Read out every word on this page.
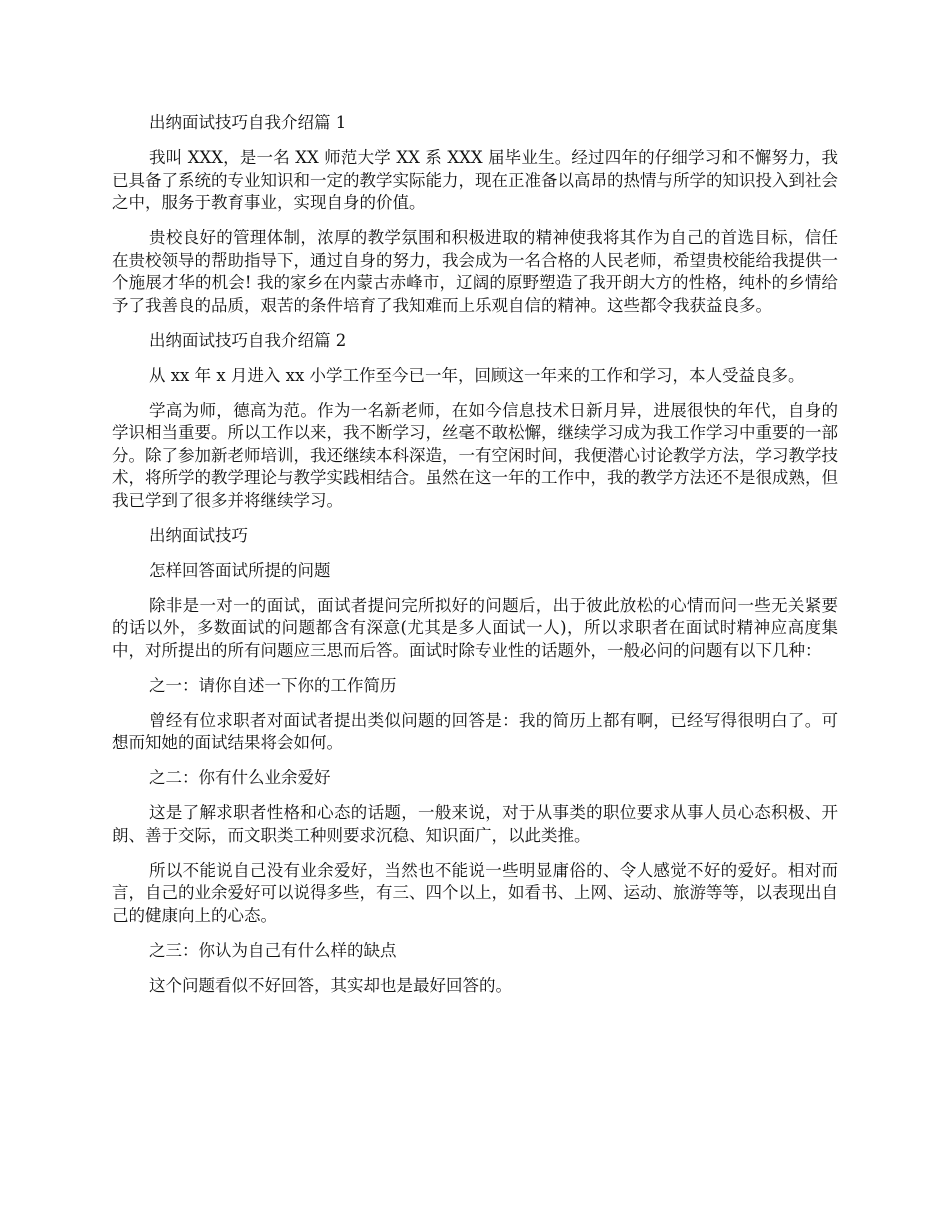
出纳面试技巧自我介绍篇 1

我叫 XXX，是一名 XX 师范大学 XX 系 XXX 届毕业生。经过四年的仔细学习和不懈努力，我已具备了系统的专业知识和一定的教学实际能力，现在正准备以高昂的热情与所学的知识投入到社会之中，服务于教育事业，实现自身的价值。

贵校良好的管理体制，浓厚的教学氛围和积极进取的精神使我将其作为自己的首选目标，信任在贵校领导的帮助指导下，通过自身的努力，我会成为一名合格的人民老师，希望贵校能给我提供一个施展才华的机会! 我的家乡在内蒙古赤峰市，辽阔的原野塑造了我开朗大方的性格，纯朴的乡情给予了我善良的品质，艰苦的条件培育了我知难而上乐观自信的精神。这些都令我获益良多。

出纳面试技巧自我介绍篇 2

从 xx 年 x 月进入 xx 小学工作至今已一年，回顾这一年来的工作和学习，本人受益良多。

学高为师，德高为范。作为一名新老师，在如今信息技术日新月异，进展很快的年代，自身的学识相当重要。所以工作以来，我不断学习，丝毫不敢松懈，继续学习成为我工作学习中重要的一部分。除了参加新老师培训，我还继续本科深造，一有空闲时间，我便潜心讨论教学方法，学习教学技术，将所学的教学理论与教学实践相结合。虽然在这一年的工作中，我的教学方法还不是很成熟，但我已学到了很多并将继续学习。

出纳面试技巧

怎样回答面试所提的问题

除非是一对一的面试，面试者提问完所拟好的问题后，出于彼此放松的心情而问一些无关紧要的话以外，多数面试的问题都含有深意(尤其是多人面试一人)，所以求职者在面试时精神应高度集中，对所提出的所有问题应三思而后答。面试时除专业性的话题外，一般必问的问题有以下几种：

之一：请你自述一下你的工作简历

曾经有位求职者对面试者提出类似问题的回答是：我的简历上都有啊，已经写得很明白了。可想而知她的面试结果将会如何。

之二：你有什么业余爱好

这是了解求职者性格和心态的话题，一般来说，对于从事类的职位要求从事人员心态积极、开朗、善于交际，而文职类工种则要求沉稳、知识面广，以此类推。

所以不能说自己没有业余爱好，当然也不能说一些明显庸俗的、令人感觉不好的爱好。相对而言，自己的业余爱好可以说得多些，有三、四个以上，如看书、上网、运动、旅游等等，以表现出自己的健康向上的心态。

之三：你认为自己有什么样的缺点

这个问题看似不好回答，其实却也是最好回答的。
